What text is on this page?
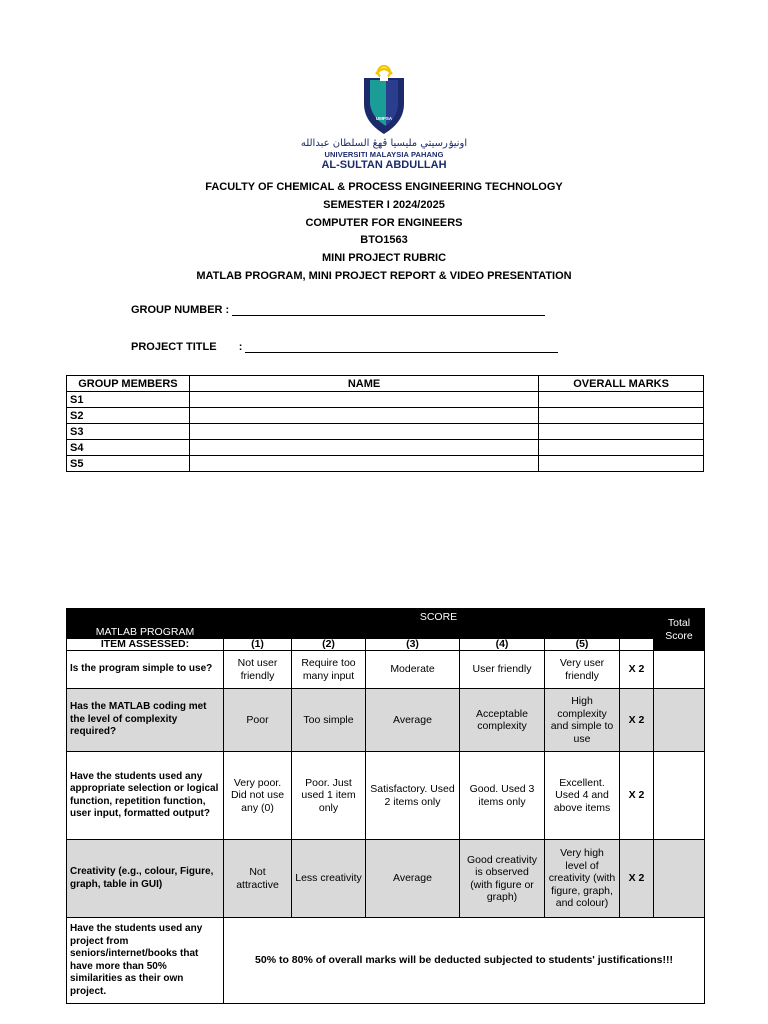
UMPSA
اونيۏرسيتي مليسيا ڤهڠ السلطان عبدالله
UNIVERSITI MALAYSIA PAHANG
AL-SULTAN ABDULLAH
FACULTY OF CHEMICAL & PROCESS ENGINEERING TECHNOLOGY
SEMESTER I 2024/2025
COMPUTER FOR ENGINEERS
BTO1563
MINI PROJECT RUBRIC
MATLAB PROGRAM, MINI PROJECT REPORT & VIDEO PRESENTATION
GROUP NUMBER :
PROJECT TITLE :
GROUP MEMBERS	NAME	OVERALL MARKS
S1		
S2		
S3		
S4		
S5		
MATLAB PROGRAM	SCORE						Total Score
ITEM ASSESSED:	(1)	(2)	(3)	(4)	(5)		
Is the program simple to use?	Not user friendly	Require too many input	Moderate	User friendly	Very user friendly	X 2	
Has the MATLAB coding met the level of complexity required?	Poor	Too simple	Average	Acceptable complexity	High complexity and simple to use	X 2	
Have the students used any appropriate selection or logical function, repetition function, user input, formatted output?	Very poor. Did not use any (0)	Poor. Just used 1 item only	Satisfactory. Used 2 items only	Good. Used 3 items only	Excellent. Used 4 and above items	X 2	
Creativity (e.g., colour, Figure, graph, table in GUI)	Not attractive	Less creativity	Average	Good creativity is observed (with figure or graph)	Very high level of creativity (with figure, graph, and colour)	X 2	
Have the students used any project from seniors/internet/books that have more than 50% similarities as their own project.	50% to 80% of overall marks will be deducted subjected to students' justifications!!!						
